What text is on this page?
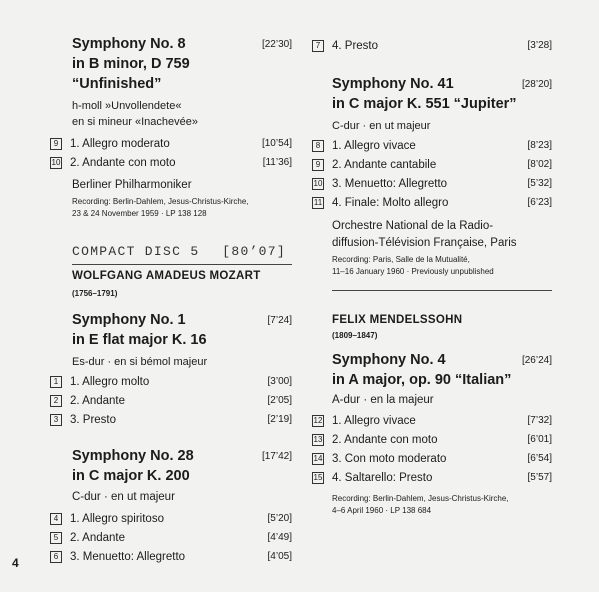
Symphony No. 8
in B minor, D 759
“Unfinished”
[22’30]
h-moll »Unvollendete«
en si mineur «Inachevée»
9 1. Allegro moderato	[10’54]
10 2. Andante con moto	[11’36]
Berliner Philharmoniker
Recording: Berlin-Dahlem, Jesus-Christus-Kirche,
23 & 24 November 1959 · LP 138 128
COMPACT DISC 5 [80’07]
WOLFGANG AMADEUS MOZART
(1756–1791)
Symphony No. 1
in E flat major K. 16
[7’24]
Es-dur · en si bémol majeur
1 1. Allegro molto	[3’00]
2 2. Andante	[2’05]
3 3. Presto	[2’19]
Symphony No. 28
in C major K. 200
[17’42]
C-dur · en ut majeur
4 1. Allegro spiritoso	[5’20]
5 2. Andante	[4’49]
6 3. Menuetto: Allegretto	[4’05]
4
7 4. Presto	[3’28]
Symphony No. 41
in C major K. 551 “Jupiter”
[28’20]
C-dur · en ut majeur
8 1. Allegro vivace	[8’23]
9 2. Andante cantabile	[8’02]
10 3. Menuetto: Allegretto	[5’32]
11 4. Finale: Molto allegro	[6’23]
Orchestre National de la Radio-
diffusion-Télévision Française, Paris
Recording: Paris, Salle de la Mutualité,
11–16 January 1960 · Previously unpublished
FELIX MENDELSSOHN
(1809–1847)
Symphony No. 4
in A major, op. 90 “Italian”
[26’24]
A-dur · en la majeur
12 1. Allegro vivace	[7’32]
13 2. Andante con moto	[6’01]
14 3. Con moto moderato	[6’54]
15 4. Saltarello: Presto	[5’57]
Recording: Berlin-Dahlem, Jesus-Christus-Kirche,
4–6 April 1960 · LP 138 684
